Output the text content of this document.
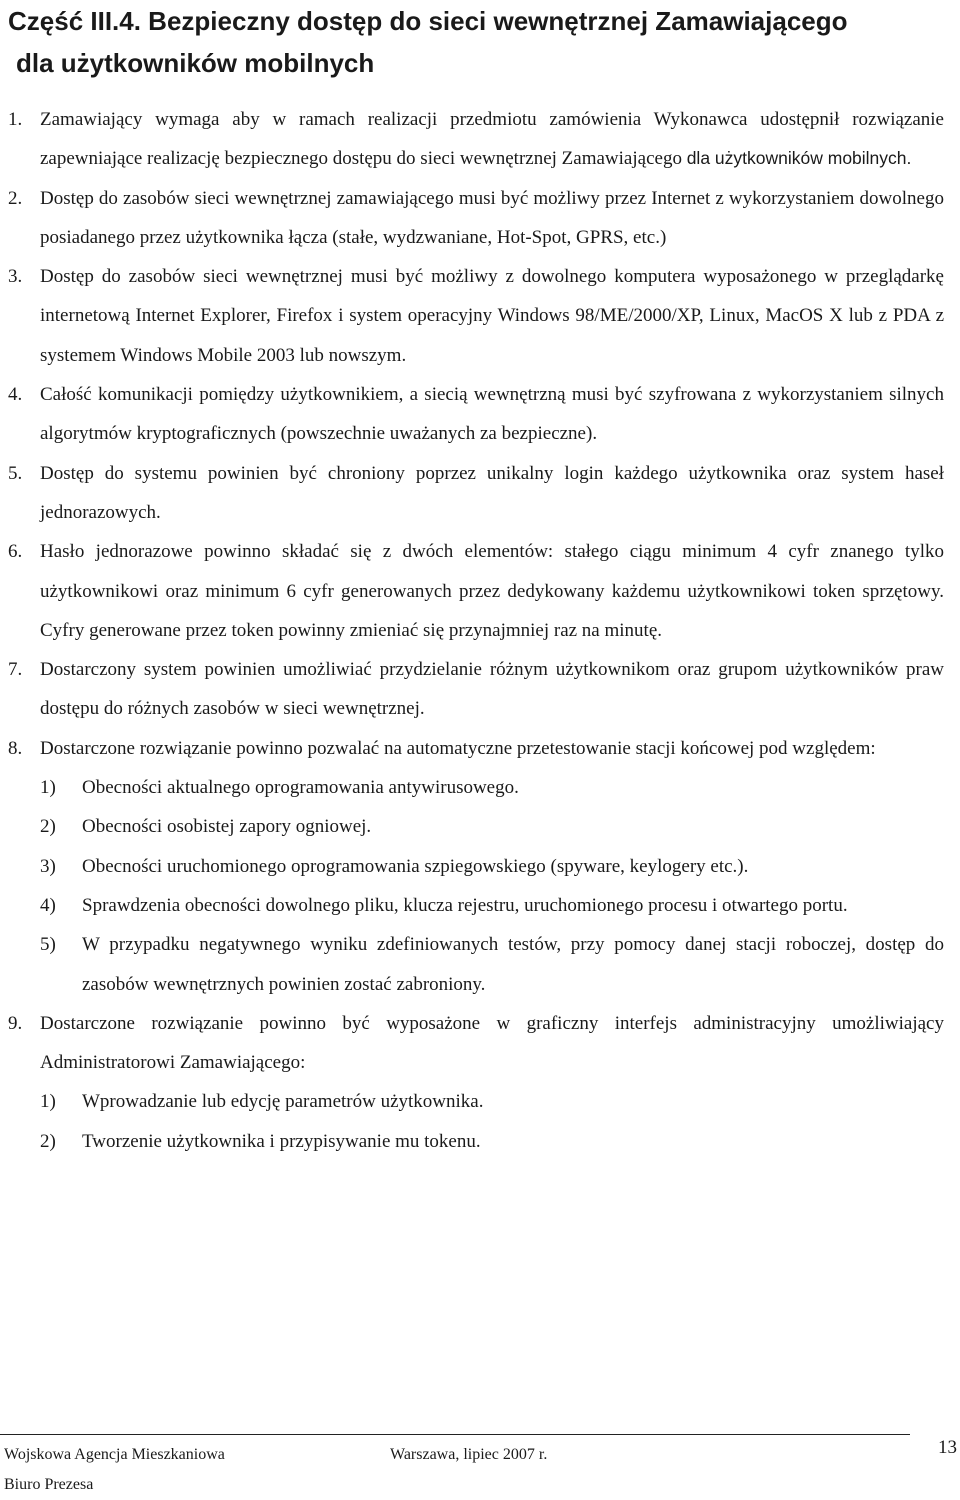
Część III.4. Bezpieczny dostęp do sieci wewnętrznej Zamawiającego
dla użytkowników mobilnych
1. Zamawiający wymaga aby w ramach realizacji przedmiotu zamówienia Wykonawca udostępnił rozwiązanie zapewniające realizację bezpiecznego dostępu do sieci wewnętrznej Zamawiającego dla użytkowników mobilnych.
2. Dostęp do zasobów sieci wewnętrznej zamawiającego musi być możliwy przez Internet z wykorzystaniem dowolnego posiadanego przez użytkownika łącza (stałe, wydzwaniane, Hot-Spot, GPRS, etc.)
3. Dostęp do zasobów sieci wewnętrznej musi być możliwy z dowolnego komputera wyposażonego w przeglądarkę internetową Internet Explorer, Firefox i system operacyjny Windows 98/ME/2000/XP, Linux, MacOS X lub z PDA z systemem Windows Mobile 2003 lub nowszym.
4. Całość komunikacji pomiędzy użytkownikiem, a siecią wewnętrzną musi być szyfrowana z wykorzystaniem silnych algorytmów kryptograficznych (powszechnie uważanych za bezpieczne).
5. Dostęp do systemu powinien być chroniony poprzez unikalny login każdego użytkownika oraz system haseł jednorazowych.
6. Hasło jednorazowe powinno składać się z dwóch elementów: stałego ciągu minimum 4 cyfr znanego tylko użytkownikowi oraz minimum 6 cyfr generowanych przez dedykowany każdemu użytkownikowi token sprzętowy. Cyfry generowane przez token powinny zmieniać się przynajmniej raz na minutę.
7. Dostarczony system powinien umożliwiać przydzielanie różnym użytkownikom oraz grupom użytkowników praw dostępu do różnych zasobów w sieci wewnętrznej.
8. Dostarczone rozwiązanie powinno pozwalać na automatyczne przetestowanie stacji końcowej pod względem:
1) Obecności aktualnego oprogramowania antywirusowego.
2) Obecności osobistej zapory ogniowej.
3) Obecności uruchomionego oprogramowania szpiegowskiego (spyware, keylogery etc.).
4) Sprawdzenia obecności dowolnego pliku, klucza rejestru, uruchomionego procesu i otwartego portu.
5) W przypadku negatywnego wyniku zdefiniowanych testów, przy pomocy danej stacji roboczej, dostęp do zasobów wewnętrznych powinien zostać zabroniony.
9. Dostarczone rozwiązanie powinno być wyposażone w graficzny interfejs administracyjny umożliwiający Administratorowi Zamawiającego:
1) Wprowadzanie lub edycję parametrów użytkownika.
2) Tworzenie użytkownika i przypisywanie mu tokenu.
Wojskowa Agencja Mieszkaniowa
Biuro Prezesa
Warszawa, lipiec 2007 r.	13
